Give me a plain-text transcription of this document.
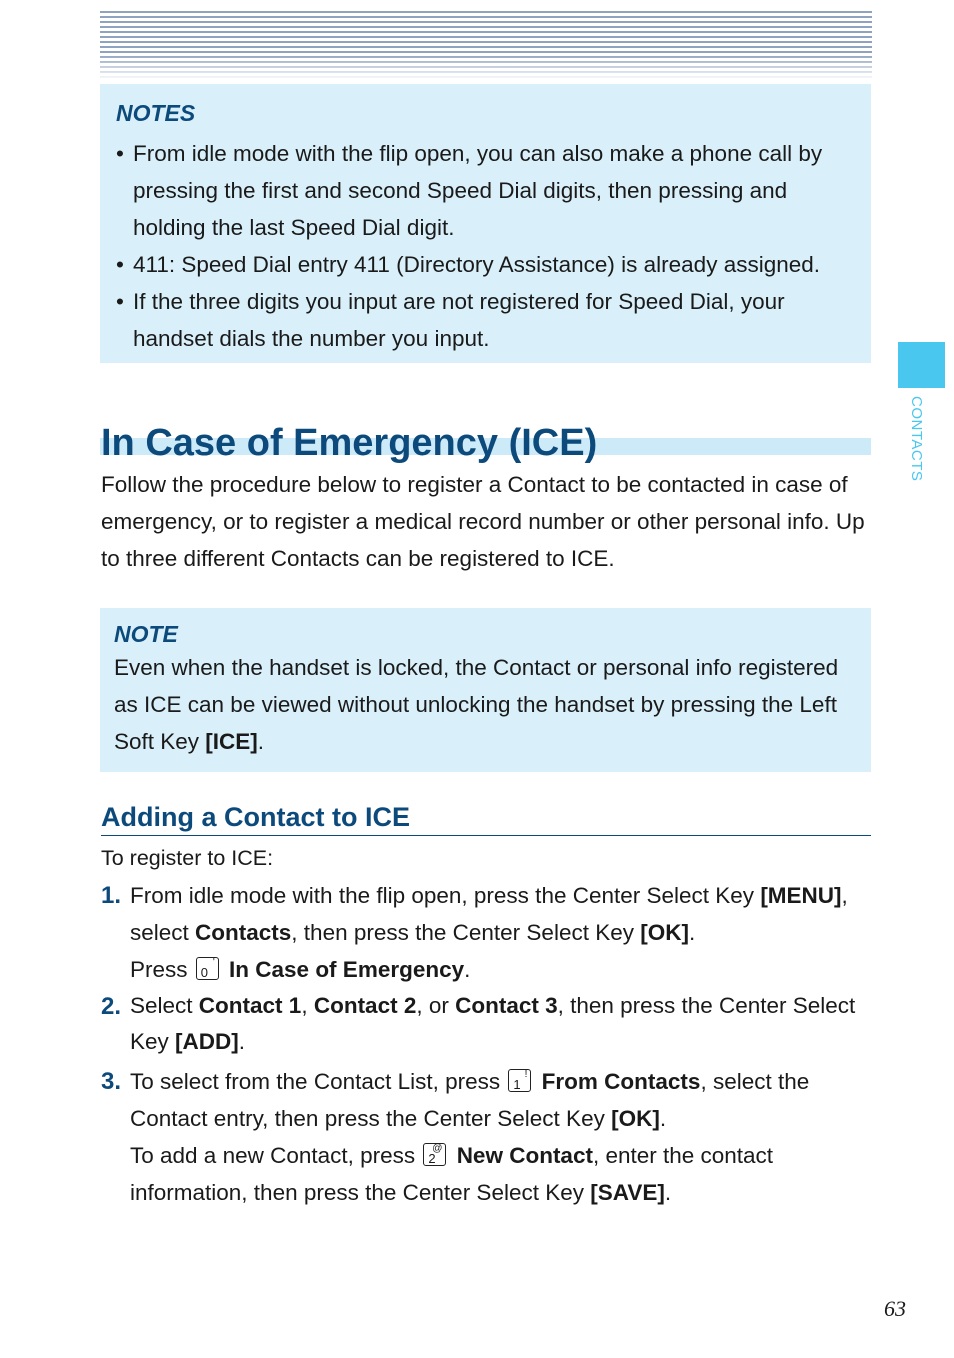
NOTES
• From idle mode with the flip open, you can also make a phone call by pressing the first and second Speed Dial digits, then pressing and holding the last Speed Dial digit.
• 411: Speed Dial entry 411 (Directory Assistance) is already assigned.
• If the three digits you input are not registered for Speed Dial, your handset dials the number you input.
CONTACTS
In Case of Emergency (ICE)
Follow the procedure below to register a Contact to be contacted in case of emergency, or to register a medical record number or other personal info. Up to three different Contacts can be registered to ICE.
NOTE
Even when the handset is locked, the Contact or personal info registered as ICE can be viewed without unlocking the handset by pressing the Left Soft Key [ICE].
Adding a Contact to ICE
To register to ICE:
1. From idle mode with the flip open, press the Center Select Key [MENU], select Contacts, then press the Center Select Key [OK].
Press 0
' In Case of Emergency.
2. Select Contact 1, Contact 2, or Contact 3, then press the Center Select Key [ADD].
3. To select from the Contact List, press 1
! From Contacts, select the Contact entry, then press the Center Select Key [OK].
To add a new Contact, press 2
@ New Contact, enter the contact information, then press the Center Select Key [SAVE].
63
